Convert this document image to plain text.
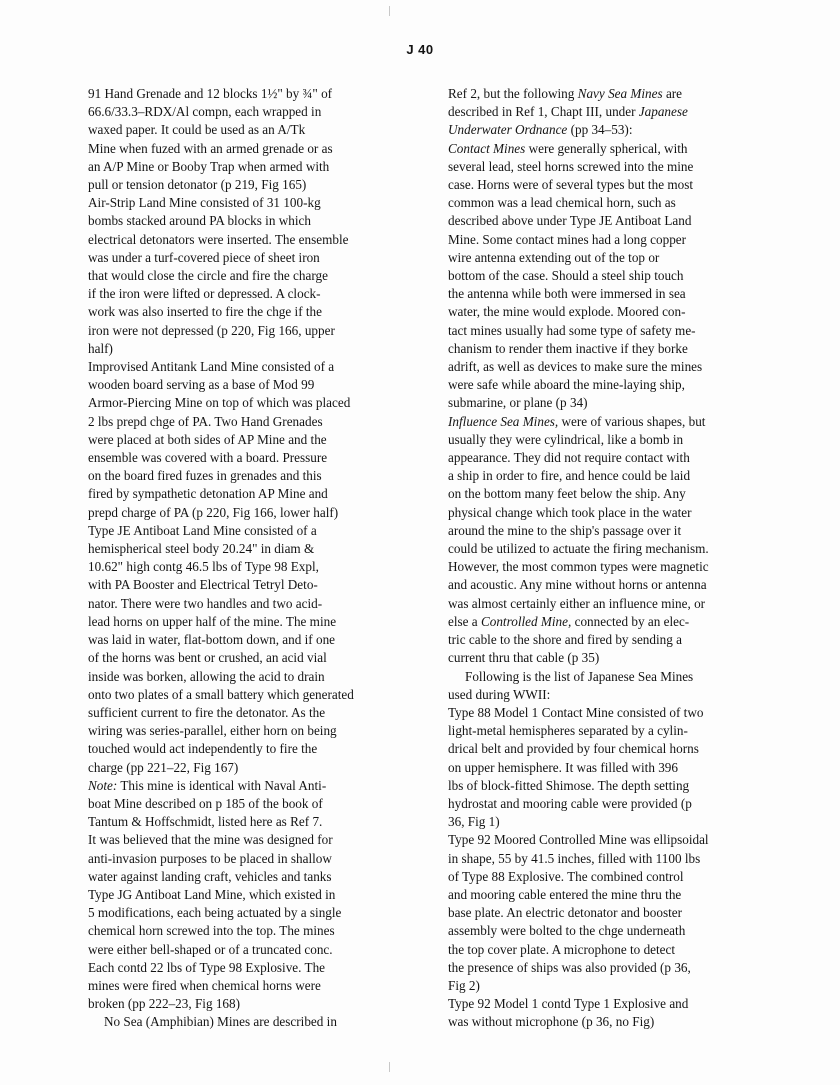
J 40
91 Hand Grenade and 12 blocks 1½" by ¾" of
66.6/33.3–RDX/Al compn, each wrapped in
waxed paper. It could be used as an A/Tk
Mine when fuzed with an armed grenade or as
an A/P Mine or Booby Trap when armed with
pull or tension detonator (p 219, Fig 165)
Air-Strip Land Mine consisted of 31 100-kg
bombs stacked around PA blocks in which
electrical detonators were inserted. The ensemble
was under a turf-covered piece of sheet iron
that would close the circle and fire the charge
if the iron were lifted or depressed. A clock-
work was also inserted to fire the chge if the
iron were not depressed (p 220, Fig 166, upper
half)
Improvised Antitank Land Mine consisted of a
wooden board serving as a base of Mod 99
Armor-Piercing Mine on top of which was placed
2 lbs prepd chge of PA. Two Hand Grenades
were placed at both sides of AP Mine and the
ensemble was covered with a board. Pressure
on the board fired fuzes in grenades and this
fired by sympathetic detonation AP Mine and
prepd charge of PA (p 220, Fig 166, lower half)
Type JE Antiboat Land Mine consisted of a
hemispherical steel body 20.24" in diam &
10.62" high contg 46.5 lbs of Type 98 Expl,
with PA Booster and Electrical Tetryl Deto-
nator. There were two handles and two acid-
lead horns on upper half of the mine. The mine
was laid in water, flat-bottom down, and if one
of the horns was bent or crushed, an acid vial
inside was borken, allowing the acid to drain
onto two plates of a small battery which generated
sufficient current to fire the detonator. As the
wiring was series-parallel, either horn on being
touched would act independently to fire the
charge (pp 221–22, Fig 167)
Note: This mine is identical with Naval Anti-
boat Mine described on p 185 of the book of
Tantum & Hoffschmidt, listed here as Ref 7.
It was believed that the mine was designed for
anti-invasion purposes to be placed in shallow
water against landing craft, vehicles and tanks
Type JG Antiboat Land Mine, which existed in
5 modifications, each being actuated by a single
chemical horn screwed into the top. The mines
were either bell-shaped or of a truncated conc.
Each contd 22 lbs of Type 98 Explosive. The
mines were fired when chemical horns were
broken (pp 222–23, Fig 168)
No Sea (Amphibian) Mines are described in
Ref 2, but the following Navy Sea Mines are
described in Ref 1, Chapt III, under Japanese
Underwater Ordnance (pp 34–53):
Contact Mines were generally spherical, with
several lead, steel horns screwed into the mine
case. Horns were of several types but the most
common was a lead chemical horn, such as
described above under Type JE Antiboat Land
Mine. Some contact mines had a long copper
wire antenna extending out of the top or
bottom of the case. Should a steel ship touch
the antenna while both were immersed in sea
water, the mine would explode. Moored con-
tact mines usually had some type of safety me-
chanism to render them inactive if they borke
adrift, as well as devices to make sure the mines
were safe while aboard the mine-laying ship,
submarine, or plane (p 34)
Influence Sea Mines, were of various shapes, but
usually they were cylindrical, like a bomb in
appearance. They did not require contact with
a ship in order to fire, and hence could be laid
on the bottom many feet below the ship. Any
physical change which took place in the water
around the mine to the ship's passage over it
could be utilized to actuate the firing mechanism.
However, the most common types were magnetic
and acoustic. Any mine without horns or antenna
was almost certainly either an influence mine, or
else a Controlled Mine, connected by an elec-
tric cable to the shore and fired by sending a
current thru that cable (p 35)
Following is the list of Japanese Sea Mines
used during WWII:
Type 88 Model 1 Contact Mine consisted of two
light-metal hemispheres separated by a cylin-
drical belt and provided by four chemical horns
on upper hemisphere. It was filled with 396
lbs of block-fitted Shimose. The depth setting
hydrostat and mooring cable were provided (p
36, Fig 1)
Type 92 Moored Controlled Mine was ellipsoidal
in shape, 55 by 41.5 inches, filled with 1100 lbs
of Type 88 Explosive. The combined control
and mooring cable entered the mine thru the
base plate. An electric detonator and booster
assembly were bolted to the chge underneath
the top cover plate. A microphone to detect
the presence of ships was also provided (p 36,
Fig 2)
Type 92 Model 1 contd Type 1 Explosive and
was without microphone (p 36, no Fig)
